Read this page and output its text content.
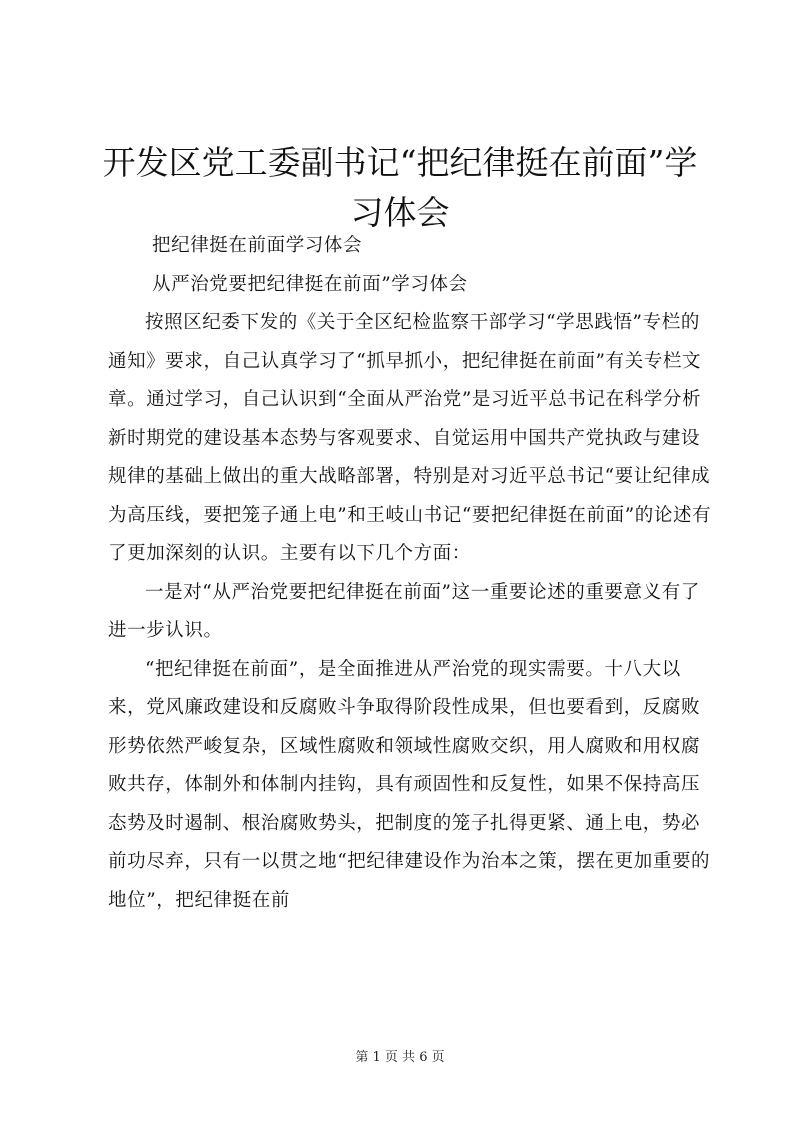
开发区党工委副书记“把纪律挺在前面”学习体会

把纪律挺在前面学习体会

从严治党要把纪律挺在前面”学习体会

按照区纪委下发的《关于全区纪检监察干部学习“学思践悟”专栏的通知》要求，自己认真学习了“抓早抓小，把纪律挺在前面”有关专栏文章。通过学习，自己认识到“全面从严治党”是习近平总书记在科学分析新时期党的建设基本态势与客观要求、自觉运用中国共产党执政与建设规律的基础上做出的重大战略部署，特别是对习近平总书记“要让纪律成为高压线，要把笼子通上电”和王岐山书记“要把纪律挺在前面”的论述有了更加深刻的认识。主要有以下几个方面：

一是对“从严治党要把纪律挺在前面”这一重要论述的重要意义有了进一步认识。

“把纪律挺在前面”，是全面推进从严治党的现实需要。十八大以来，党风廉政建设和反腐败斗争取得阶段性成果，但也要看到，反腐败形势依然严峻复杂，区域性腐败和领域性腐败交织，用人腐败和用权腐败共存，体制外和体制内挂钩，具有顽固性和反复性，如果不保持高压态势及时遏制、根治腐败势头，把制度的笼子扎得更紧、通上电，势必前功尽弃，只有一以贯之地“把纪律建设作为治本之策，摆在更加重要的地位”，把纪律挺在前

第 1 页 共 6 页
